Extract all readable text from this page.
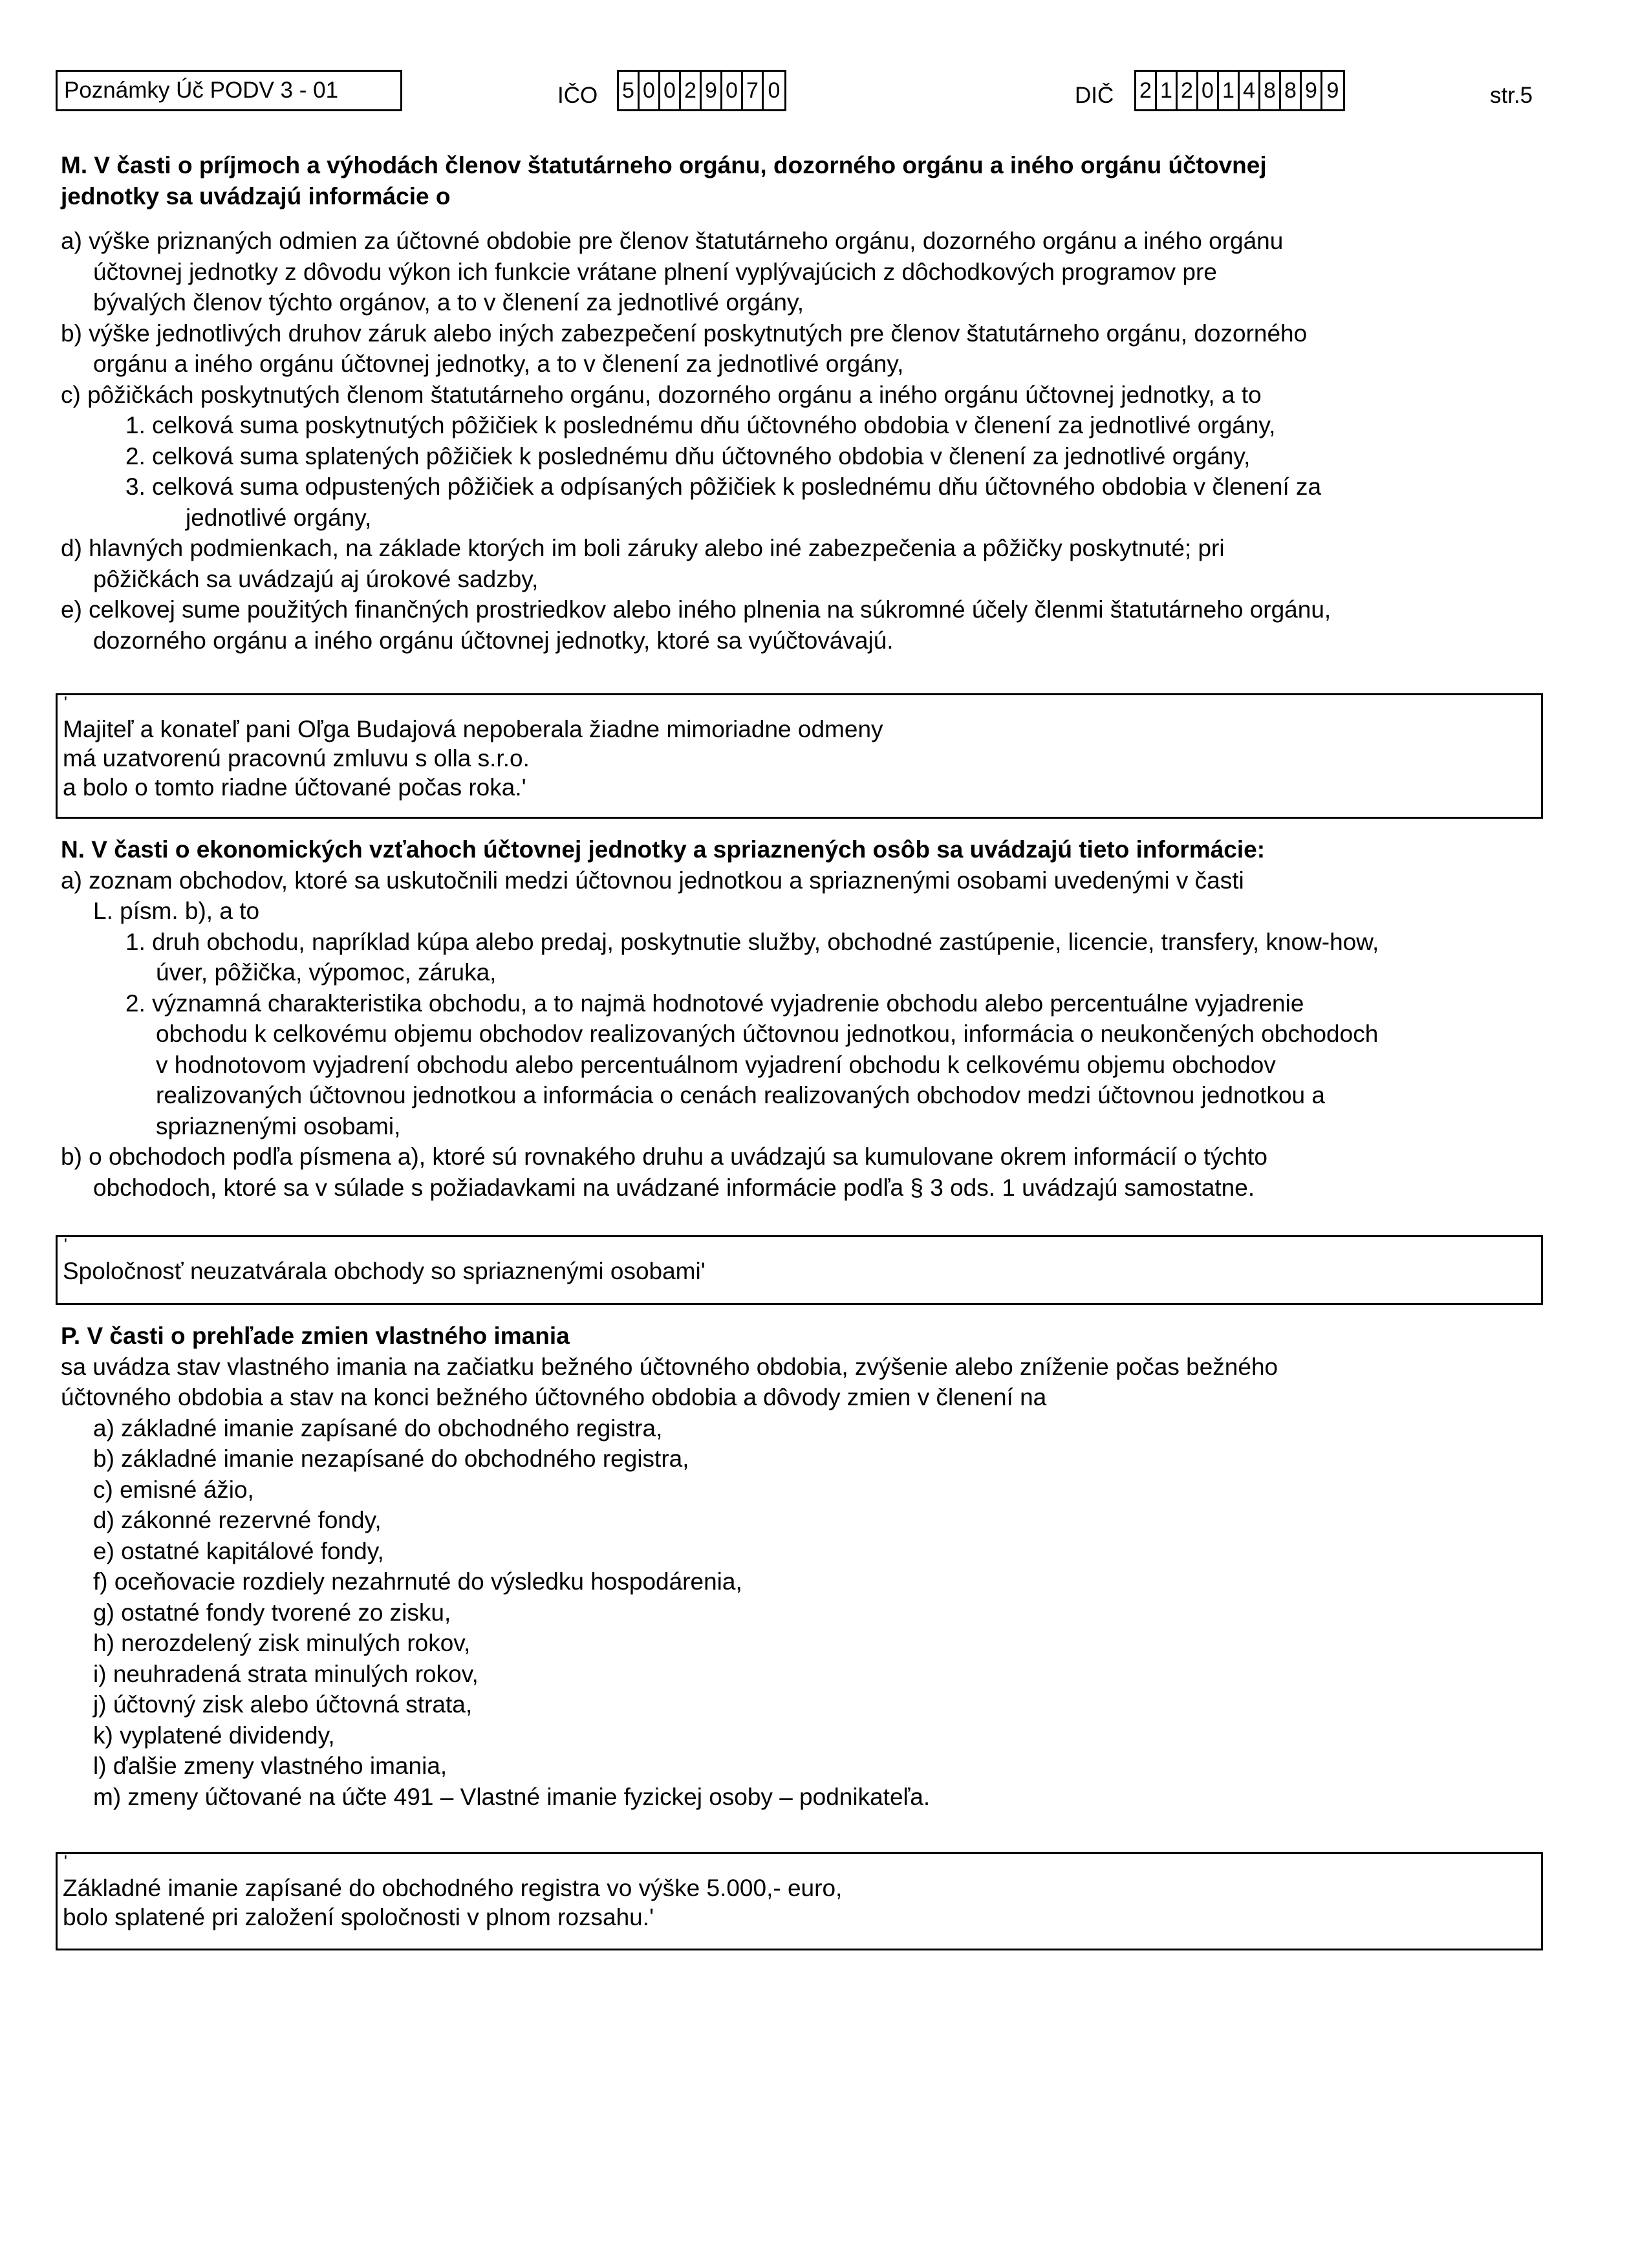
Poznámky Úč PODV 3 - 01	IČO 5 0 0 2 9 0 7 0	DIČ 2 1 2 0 1 4 8 8 9 9	str.5
M. V časti o príjmoch a výhodách členov štatutárneho orgánu, dozorného orgánu a iného orgánu účtovnej
jednotky sa uvádzajú informácie o
a) výške priznaných odmien za účtovné obdobie pre členov štatutárneho orgánu, dozorného orgánu a iného orgánu
účtovnej jednotky z dôvodu výkon ich funkcie vrátane plnení vyplývajúcich z dôchodkových programov pre
bývalých členov týchto orgánov, a to v členení za jednotlivé orgány,
b) výške jednotlivých druhov záruk alebo iných zabezpečení poskytnutých pre členov štatutárneho orgánu, dozorného
orgánu a iného orgánu účtovnej jednotky, a to v členení za jednotlivé orgány,
c) pôžičkách poskytnutých členom štatutárneho orgánu, dozorného orgánu a iného orgánu účtovnej jednotky, a to
1. celková suma poskytnutých pôžičiek k poslednému dňu účtovného obdobia v členení za jednotlivé orgány,
2. celková suma splatených pôžičiek k poslednému dňu účtovného obdobia v členení za jednotlivé orgány,
3. celková suma odpustených pôžičiek a odpísaných pôžičiek k poslednému dňu účtovného obdobia v členení za
jednotlivé orgány,
d) hlavných podmienkach, na základe ktorých im boli záruky alebo iné zabezpečenia a pôžičky poskytnuté; pri
pôžičkách sa uvádzajú aj úrokové sadzby,
e) celkovej sume použitých finančných prostriedkov alebo iného plnenia na súkromné účely členmi štatutárneho orgánu,
dozorného orgánu a iného orgánu účtovnej jednotky, ktoré sa vyúčtovávajú.
'
Majiteľ a konateľ pani Oľga Budajová nepoberala žiadne mimoriadne odmeny
má uzatvorenú pracovnú zmluvu s olla s.r.o.
a bolo o tomto riadne účtované počas roka.'
N. V časti o ekonomických vzťahoch účtovnej jednotky a spriaznených osôb sa uvádzajú tieto informácie:
a) zoznam obchodov, ktoré sa uskutočnili medzi účtovnou jednotkou a spriaznenými osobami uvedenými v časti
L. písm. b), a to
1. druh obchodu, napríklad kúpa alebo predaj, poskytnutie služby, obchodné zastúpenie, licencie, transfery, know-how,
úver, pôžička, výpomoc, záruka,
2. významná charakteristika obchodu, a to najmä hodnotové vyjadrenie obchodu alebo percentuálne vyjadrenie
obchodu k celkovému objemu obchodov realizovaných účtovnou jednotkou, informácia o neukončených obchodoch
v hodnotovom vyjadrení obchodu alebo percentuálnom vyjadrení obchodu k celkovému objemu obchodov
realizovaných účtovnou jednotkou a informácia o cenách realizovaných obchodov medzi účtovnou jednotkou a
spriaznenými osobami,
b) o obchodoch podľa písmena a), ktoré sú rovnakého druhu a uvádzajú sa kumulovane okrem informácií o týchto
obchodoch, ktoré sa v súlade s požiadavkami na uvádzané informácie podľa § 3 ods. 1 uvádzajú samostatne.
'
Spoločnosť neuzatvárala obchody so spriaznenými osobami'
P. V časti o prehľade zmien vlastného imania
sa uvádza stav vlastného imania na začiatku bežného účtovného obdobia, zvýšenie alebo zníženie počas bežného
účtovného obdobia a stav na konci bežného účtovného obdobia a dôvody zmien v členení na
a) základné imanie zapísané do obchodného registra,
b) základné imanie nezapísané do obchodného registra,
c) emisné ážio,
d) zákonné rezervné fondy,
e) ostatné kapitálové fondy,
f) oceňovacie rozdiely nezahrnuté do výsledku hospodárenia,
g) ostatné fondy tvorené zo zisku,
h) nerozdelený zisk minulých rokov,
i) neuhradená strata minulých rokov,
j) účtovný zisk alebo účtovná strata,
k) vyplatené dividendy,
l) ďalšie zmeny vlastného imania,
m) zmeny účtované na účte 491 – Vlastné imanie fyzickej osoby – podnikateľa.
'
Základné imanie zapísané do obchodného registra vo výške 5.000,- euro,
bolo splatené pri založení spoločnosti v plnom rozsahu.'
